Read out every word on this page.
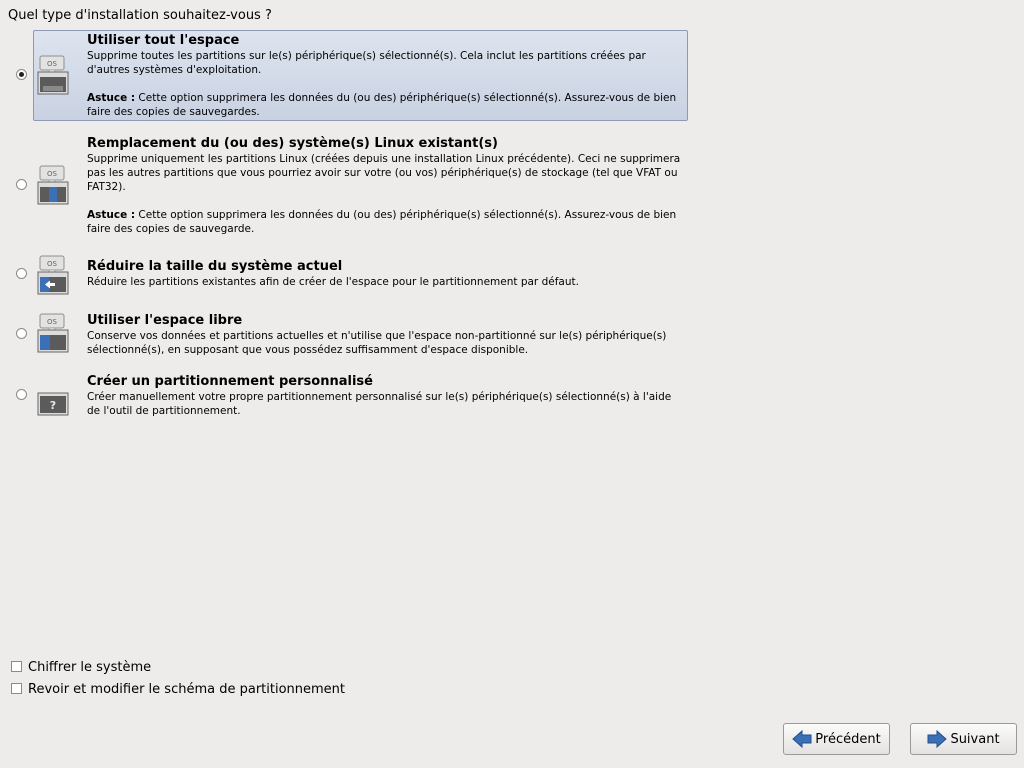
Quel type d'installation souhaitez-vous ?
OS
Utiliser tout l'espace
Supprime toutes les partitions sur le(s) périphérique(s) sélectionné(s). Cela inclut les partitions créées par d'autres systèmes d'exploitation.
Astuce : Cette option supprimera les données du (ou des) périphérique(s) sélectionné(s). Assurez-vous de bien faire des copies de sauvegardes.
OS
Remplacement du (ou des) système(s) Linux existant(s)
Supprime uniquement les partitions Linux (créées depuis une installation Linux précédente). Ceci ne supprimera pas les autres partitions que vous pourriez avoir sur votre (ou vos) périphérique(s) de stockage (tel que VFAT ou FAT32).
Astuce : Cette option supprimera les données du (ou des) périphérique(s) sélectionné(s). Assurez-vous de bien faire des copies de sauvegarde.
OS Réduire la taille du système actuel
Réduire les partitions existantes afin de créer de l'espace pour le partitionnement par défaut.
OS Utiliser l'espace libre
Conserve vos données et partitions actuelles et n'utilise que l'espace non-partitionné sur le(s) périphérique(s) sélectionné(s), en supposant que vous possédez suffisamment d'espace disponible.
?
Créer un partitionnement personnalisé
Créer manuellement votre propre partitionnement personnalisé sur le(s) périphérique(s) sélectionné(s) à l'aide de l'outil de partitionnement.
Chiffrer le système
Revoir et modifier le schéma de partitionnement
Précédent	Suivant
